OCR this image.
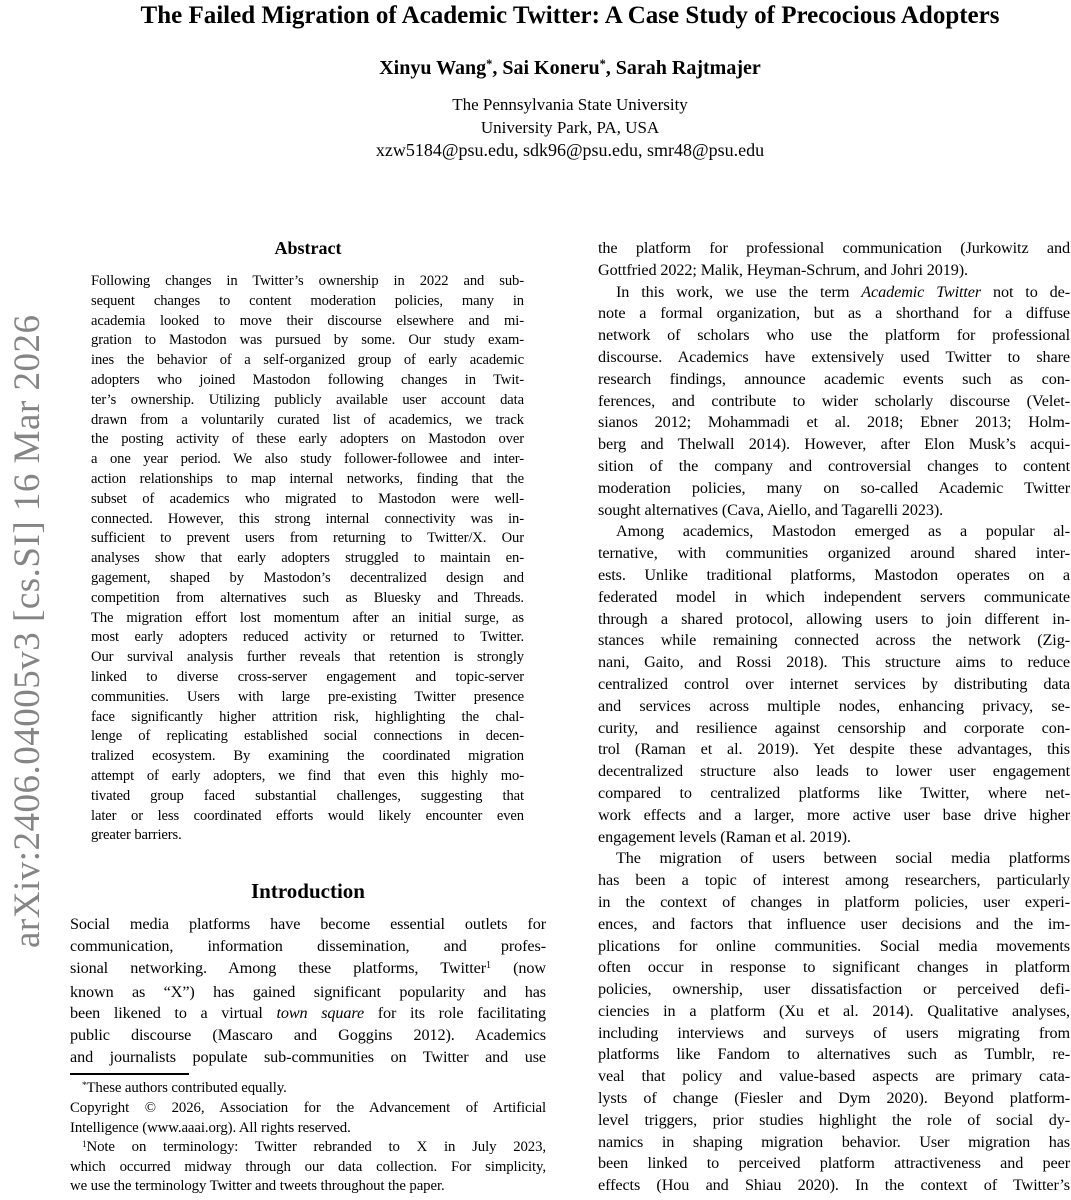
arXiv:2406.04005v3 [cs.SI] 16 Mar 2026
The Failed Migration of Academic Twitter: A Case Study of Precocious Adopters
Xinyu Wang*, Sai Koneru*, Sarah Rajtmajer
The Pennsylvania State University
University Park, PA, USA
xzw5184@psu.edu, sdk96@psu.edu, smr48@psu.edu
Abstract
Following changes in Twitter’s ownership in 2022 and sub-
sequent changes to content moderation policies, many in
academia looked to move their discourse elsewhere and mi-
gration to Mastodon was pursued by some. Our study exam-
ines the behavior of a self-organized group of early academic
adopters who joined Mastodon following changes in Twit-
ter’s ownership. Utilizing publicly available user account data
drawn from a voluntarily curated list of academics, we track
the posting activity of these early adopters on Mastodon over
a one year period. We also study follower-followee and inter-
action relationships to map internal networks, finding that the
subset of academics who migrated to Mastodon were well-
connected. However, this strong internal connectivity was in-
sufficient to prevent users from returning to Twitter/X. Our
analyses show that early adopters struggled to maintain en-
gagement, shaped by Mastodon’s decentralized design and
competition from alternatives such as Bluesky and Threads.
The migration effort lost momentum after an initial surge, as
most early adopters reduced activity or returned to Twitter.
Our survival analysis further reveals that retention is strongly
linked to diverse cross-server engagement and topic-server
communities. Users with large pre-existing Twitter presence
face significantly higher attrition risk, highlighting the chal-
lenge of replicating established social connections in decen-
tralized ecosystem. By examining the coordinated migration
attempt of early adopters, we find that even this highly mo-
tivated group faced substantial challenges, suggesting that
later or less coordinated efforts would likely encounter even
greater barriers.
Introduction
Social media platforms have become essential outlets for
communication, information dissemination, and profes-
sional networking. Among these platforms, Twitter$^1$ (now
known as “X”) has gained significant popularity and has
been likened to a virtual town square for its role facilitating
public discourse (Mascaro and Goggins 2012). Academics
and journalists populate sub-communities on Twitter and use
*These authors contributed equally.
Copyright © 2026, Association for the Advancement of Artificial
Intelligence (www.aaai.org). All rights reserved.
$^1$Note on terminology: Twitter rebranded to X in July 2023,
which occurred midway through our data collection. For simplicity,
we use the terminology Twitter and tweets throughout the paper.
the platform for professional communication (Jurkowitz and
Gottfried 2022; Malik, Heyman-Schrum, and Johri 2019).
In this work, we use the term Academic Twitter not to de-
note a formal organization, but as a shorthand for a diffuse
network of scholars who use the platform for professional
discourse. Academics have extensively used Twitter to share
research findings, announce academic events such as con-
ferences, and contribute to wider scholarly discourse (Velet-
sianos 2012; Mohammadi et al. 2018; Ebner 2013; Holm-
berg and Thelwall 2014). However, after Elon Musk’s acqui-
sition of the company and controversial changes to content
moderation policies, many on so-called Academic Twitter
sought alternatives (Cava, Aiello, and Tagarelli 2023).
Among academics, Mastodon emerged as a popular al-
ternative, with communities organized around shared inter-
ests. Unlike traditional platforms, Mastodon operates on a
federated model in which independent servers communicate
through a shared protocol, allowing users to join different in-
stances while remaining connected across the network (Zig-
nani, Gaito, and Rossi 2018). This structure aims to reduce
centralized control over internet services by distributing data
and services across multiple nodes, enhancing privacy, se-
curity, and resilience against censorship and corporate con-
trol (Raman et al. 2019). Yet despite these advantages, this
decentralized structure also leads to lower user engagement
compared to centralized platforms like Twitter, where net-
work effects and a larger, more active user base drive higher
engagement levels (Raman et al. 2019).
The migration of users between social media platforms
has been a topic of interest among researchers, particularly
in the context of changes in platform policies, user experi-
ences, and factors that influence user decisions and the im-
plications for online communities. Social media movements
often occur in response to significant changes in platform
policies, ownership, user dissatisfaction or perceived defi-
ciencies in a platform (Xu et al. 2014). Qualitative analyses,
including interviews and surveys of users migrating from
platforms like Fandom to alternatives such as Tumblr, re-
veal that policy and value-based aspects are primary cata-
lysts of change (Fiesler and Dym 2020). Beyond platform-
level triggers, prior studies highlight the role of social dy-
namics in shaping migration behavior. User migration has
been linked to perceived platform attractiveness and peer
effects (Hou and Shiau 2020). In the context of Twitter’s
